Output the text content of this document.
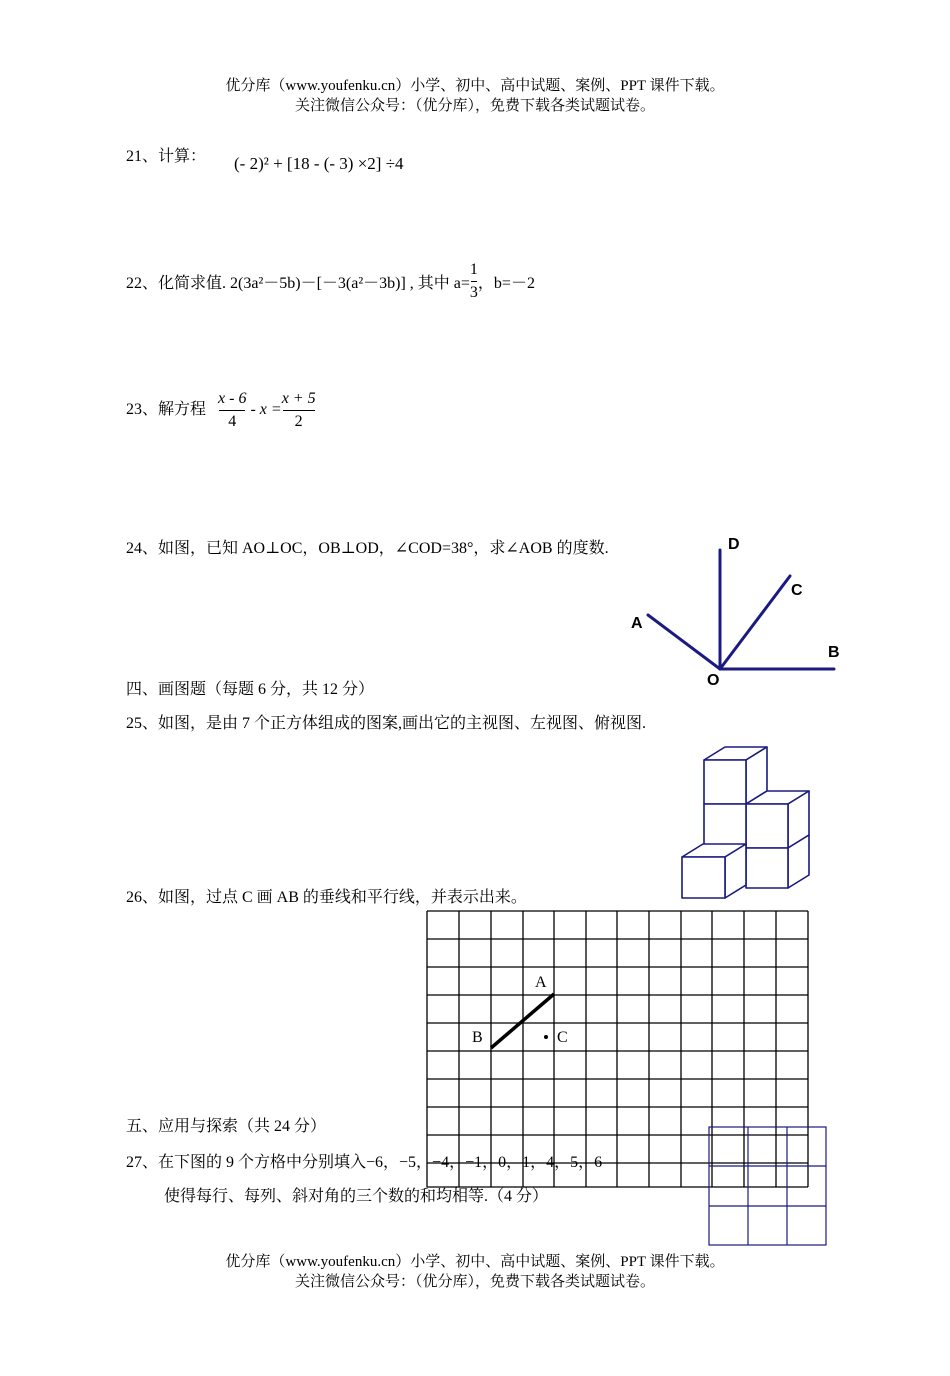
优分库（www.youfenku.cn）小学、初中、高中试题、案例、PPT 课件下载。
关注微信公众号：（优分库），免费下载各类试题试卷。
21、计算： (- 2)² + [18 - (- 3) ×2] ÷4
22、化简求值. 2(3a²－5b)－[－3(a²－3b)] , 其中 $a= \frac{1}{3}$ ，b=－2
23、解方程 $\frac{x - 6}{4} - x = \frac{x + 5}{2}$
24、如图，已知 AO⊥OC，OB⊥OD，∠COD=38°，求∠AOB 的度数.	D
C
A
B
O
四、画图题（每题 6 分，共 12 分）
25、如图，是由 7 个正方体组成的图案,画出它的主视图、左视图、俯视图.
26、如图，过点 C 画 AB 的垂线和平行线，并表示出来。
A
B	C
五、应用与探索（共 24 分）
27、在下图的 9 个方格中分别填入−6，−5，−4，−1，0，1，4，5，6
使得每行、每列、斜对角的三个数的和均相等.（4 分）
优分库（www.youfenku.cn）小学、初中、高中试题、案例、PPT 课件下载。
关注微信公众号：（优分库），免费下载各类试题试卷。
